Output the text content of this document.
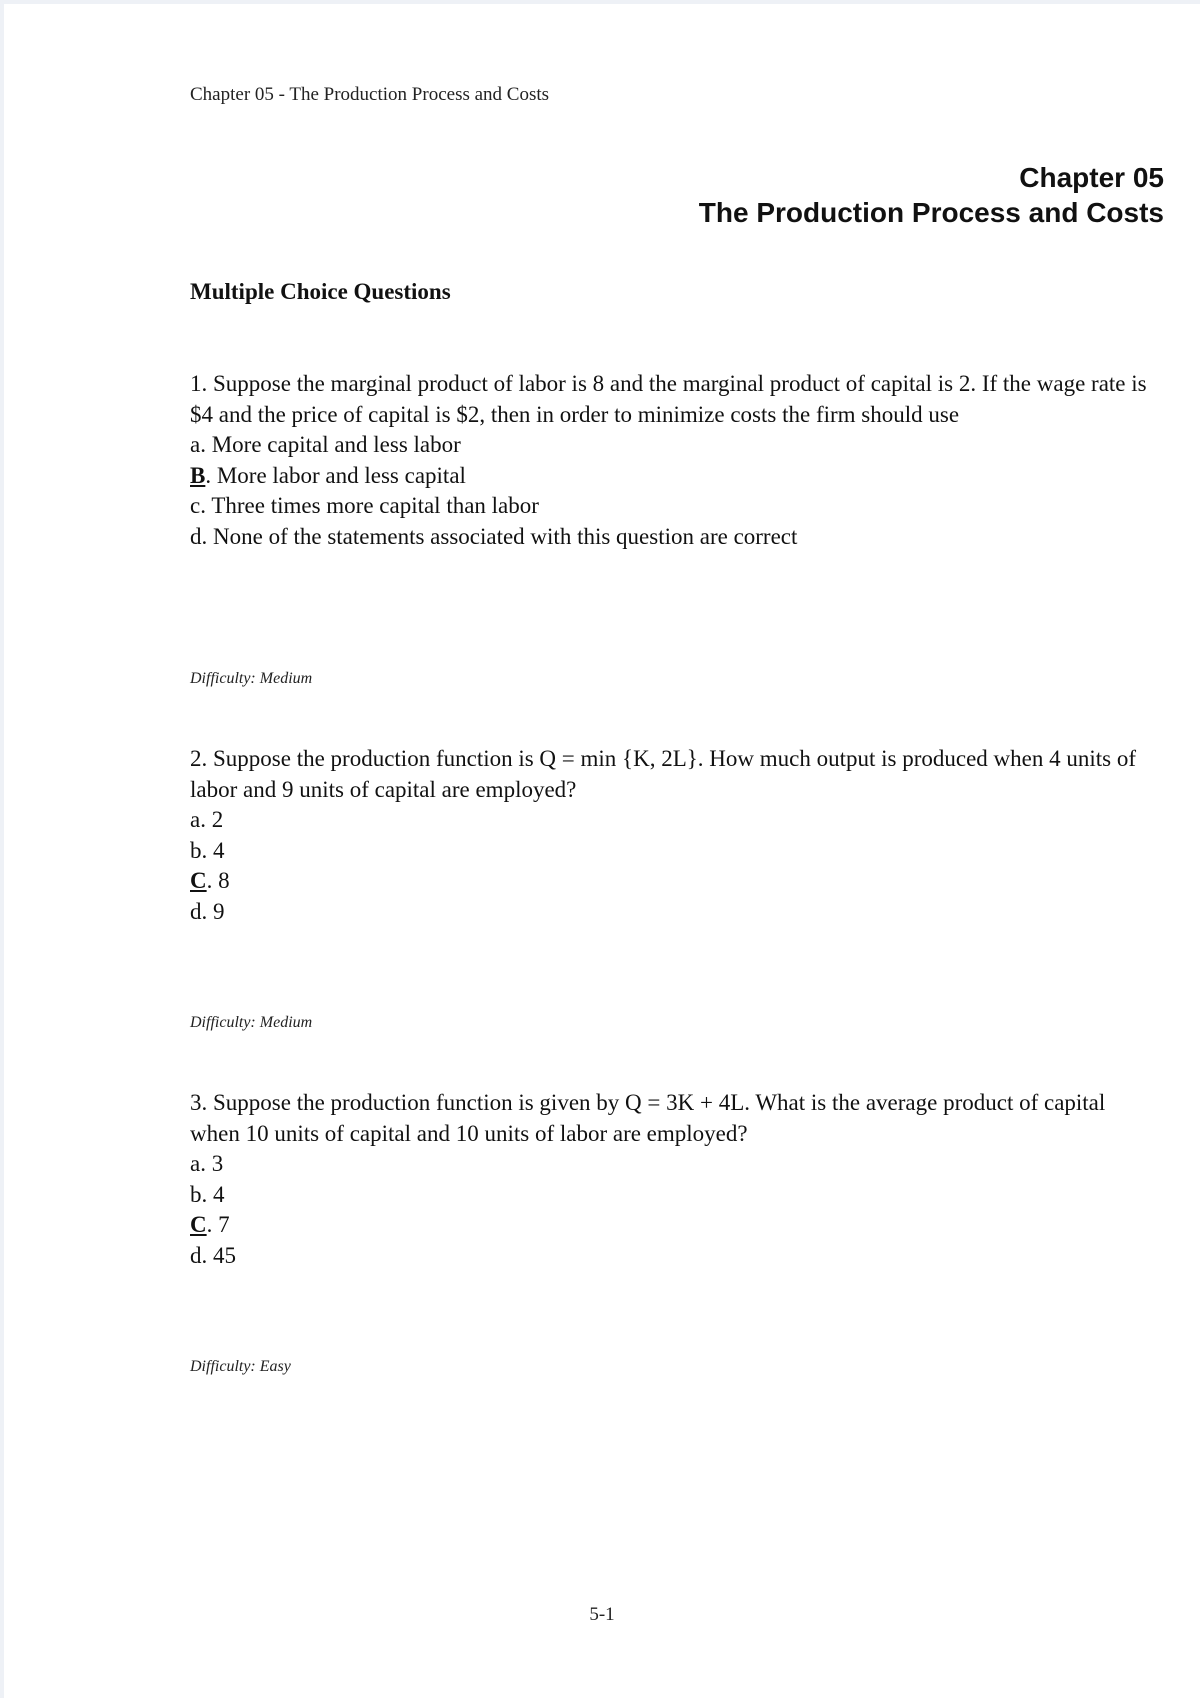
Chapter 05 - The Production Process and Costs
Chapter 05
The Production Process and Costs
Multiple Choice Questions

1. Suppose the marginal product of labor is 8 and the marginal product of capital is 2. If the wage rate is $4 and the price of capital is $2, then in order to minimize costs the firm should use

a. More capital and less labor

B. More labor and less capital

c. Three times more capital than labor

d. None of the statements associated with this question are correct

Difficulty: Medium

2. Suppose the production function is Q = min {K, 2L}. How much output is produced when 4 units of labor and 9 units of capital are employed?

a. 2

b. 4

C. 8

d. 9

Difficulty: Medium

3. Suppose the production function is given by Q = 3K + 4L. What is the average product of capital when 10 units of capital and 10 units of labor are employed?

a. 3

b. 4

C. 7

d. 45

Difficulty: Easy
5-1
